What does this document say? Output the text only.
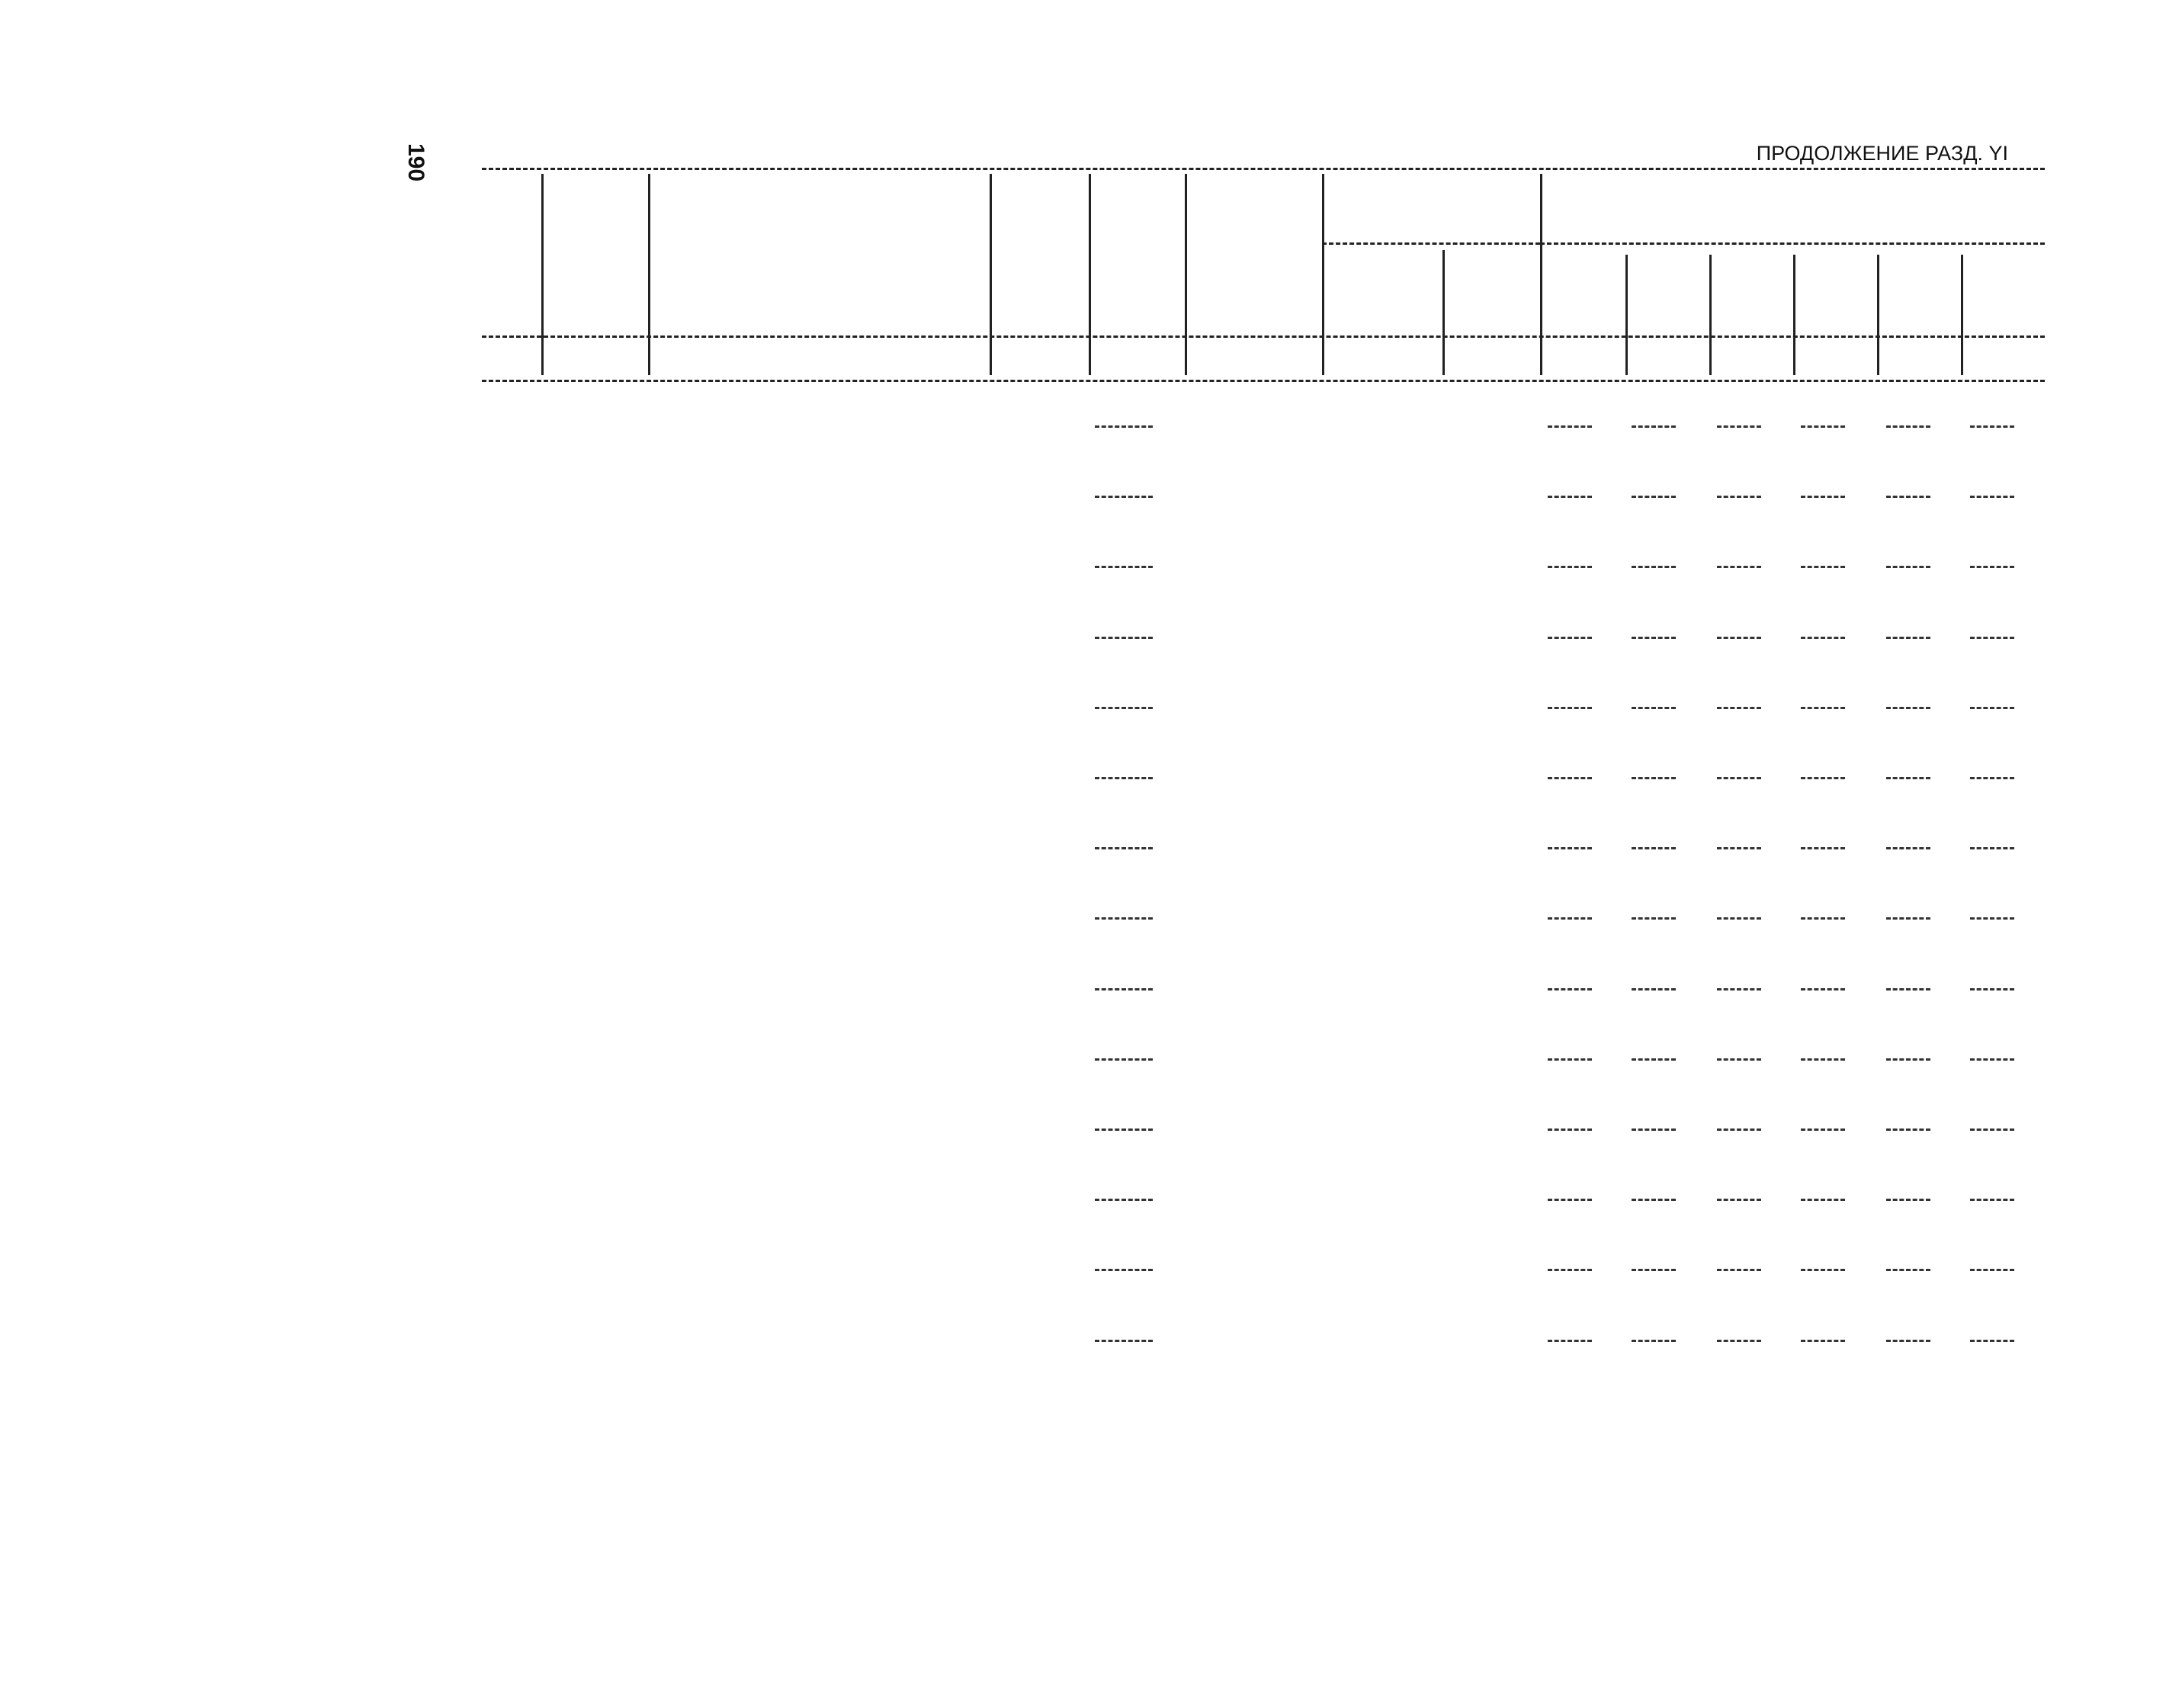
190	ПРОДОЛЖЕНИЕ РАЗД. YI
